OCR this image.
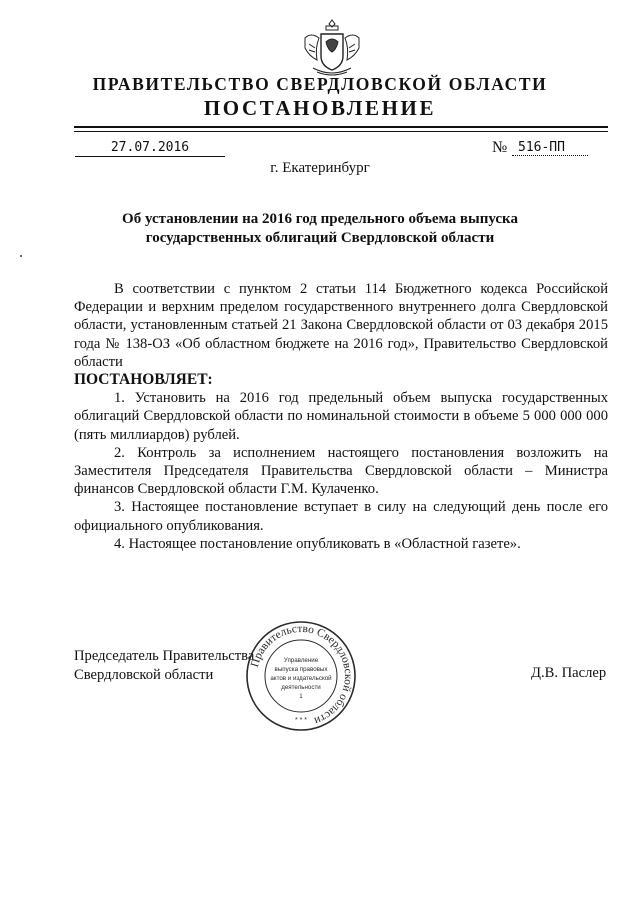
ПРАВИТЕЛЬСТВО СВЕРДЛОВСКОЙ ОБЛАСТИ
ПОСТАНОВЛЕНИЕ
27.07.2016	№ 516-ПП
г. Екатеринбург
Об установлении на 2016 год предельного объема выпуска
государственных облигаций Свердловской области

В соответствии с пунктом 2 статьи 114 Бюджетного кодекса Российской Федерации и верхним пределом государственного внутреннего долга Свердловской области, установленным статьей 21 Закона Свердловской области от 03 декабря 2015 года № 138-ОЗ «Об областном бюджете на 2016 год», Правительство Свердловской области

ПОСТАНОВЛЯЕТ:

1. Установить на 2016 год предельный объем выпуска государственных облигаций Свердловской области по номинальной стоимости в объеме 5 000 000 000 (пять миллиардов) рублей.

2. Контроль за исполнением настоящего постановления возложить на Заместителя Председателя Правительства Свердловской области – Министра финансов Свердловской области Г.М. Кулаченко.

3. Настоящее постановление вступает в силу на следующий день после его официального опубликования.

4. Настоящее постановление опубликовать в «Областной газете».

Председатель Правительства
Свердловской области	Д.В. Паслер
Правительство Свердловской области
Управление
выпуска правовых
актов и издательской
деятельности
1
* * *
